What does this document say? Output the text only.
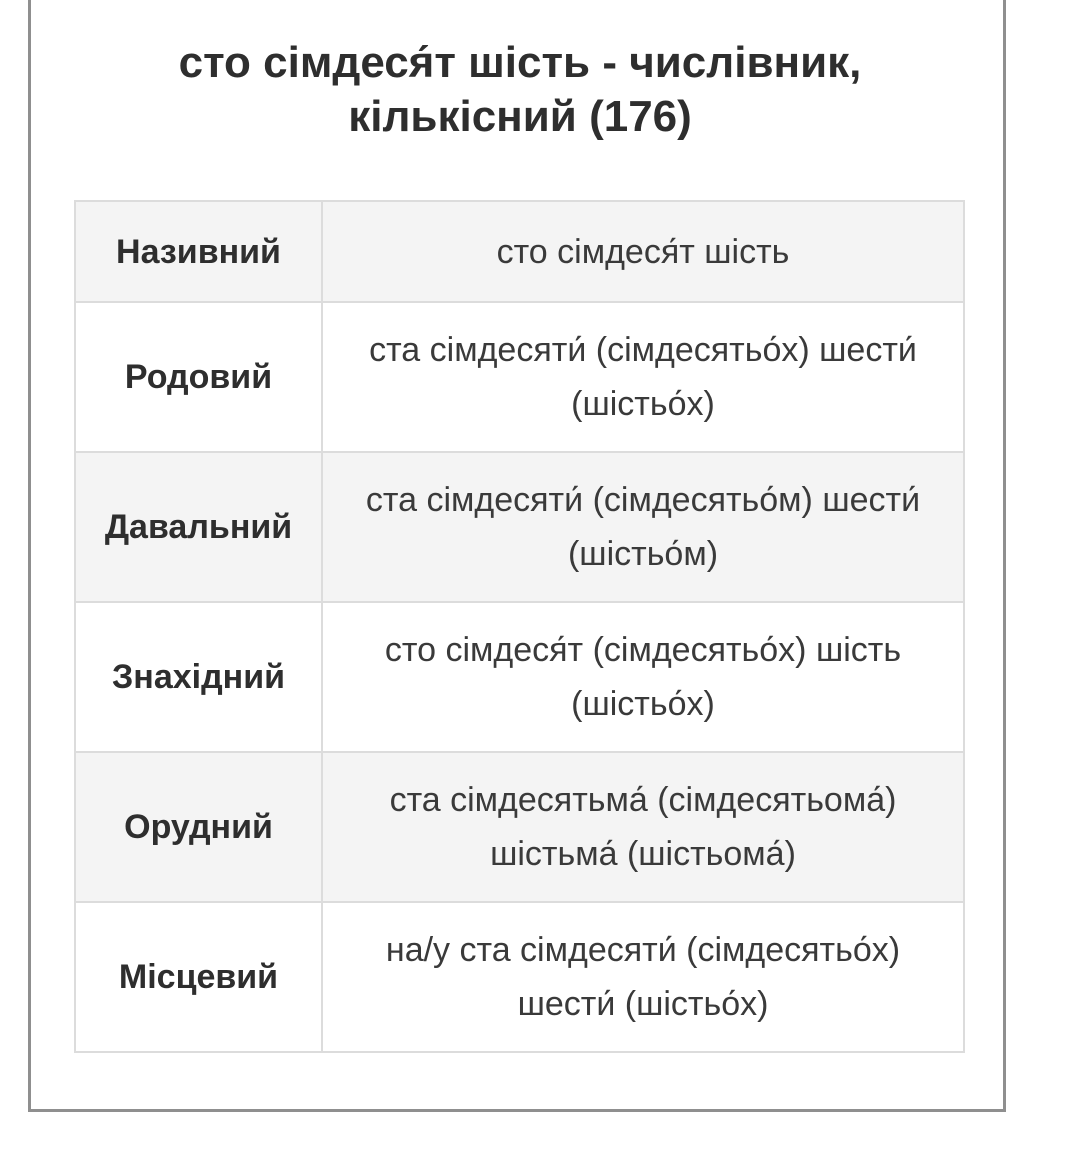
сто сімдеся́т шість - числівник,
кількісний (176)
Називний	сто сімдеся́т шість
Родовий	ста сімдесяти́ (сімдесятьо́х) шести́ (шістьо́х)
Давальний	ста сімдесяти́ (сімдесятьо́м) шести́ (шістьо́м)
Знахідний	сто сімдеся́т (сімдесятьо́х) шість (шістьо́х)
Орудний	ста сімдесятьма́ (сімдесятьома́) шістьма́ (шістьома́)
Місцевий	на/у ста сімдесяти́ (сімдесятьо́х) шести́ (шістьо́х)
